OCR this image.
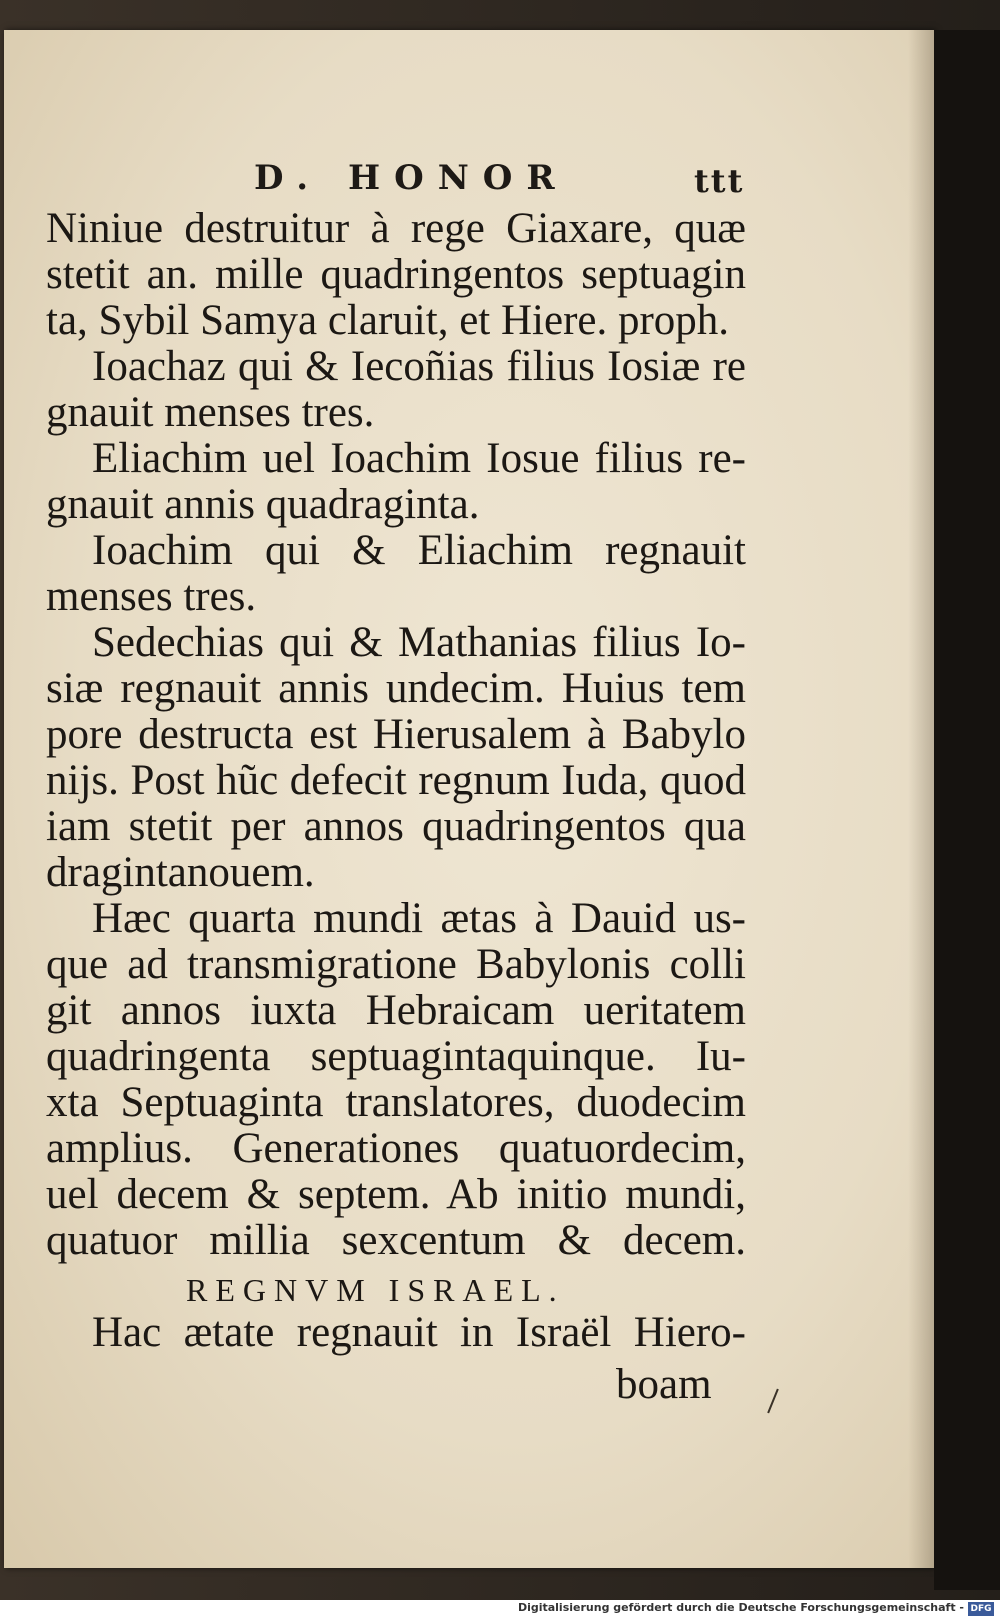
D. HONOR	ttt
Niniue destruitur à rege Giaxare, quæ
stetit an. mille quadringentos septuagin
ta, Sybil Samya claruit, et Hiere. proph.
Ioachaz qui & Iecoñias filius Iosiæ re
gnauit menses tres.
Eliachim uel Ioachim Iosue filius re-
gnauit annis quadraginta.
Ioachim qui & Eliachim regnauit
menses tres.
Sedechias qui & Mathanias filius Io-
siæ regnauit annis undecim. Huius tem
pore destructa est Hierusalem à Babylo
nijs. Post hũc defecit regnum Iuda, quod
iam stetit per annos quadringentos qua
dragintanouem.
Hæc quarta mundi ætas à Dauid us-
que ad transmigratione Babylonis colli
git annos iuxta Hebraicam ueritatem
quadringenta septuagintaquinque. Iu-
xta Septuaginta translatores, duodecim
amplius. Generationes quatuordecim,
uel decem & septem. Ab initio mundi,
quatuor millia sexcentum & decem.
REGNVM ISRAEL.
Hac ætate regnauit in Israël Hiero-
boam
Digitalisierung gefördert durch die Deutsche Forschungsgemeinschaft - DFG
